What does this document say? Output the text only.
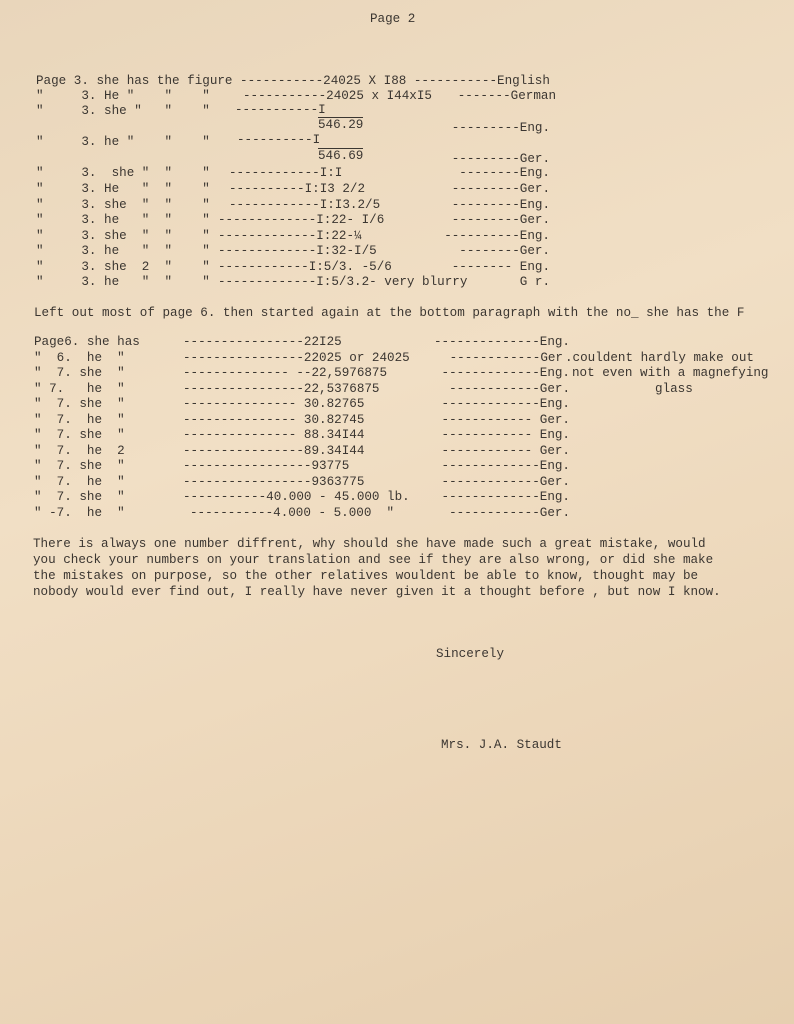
Page 2
Page 3. she has the figure -----------24025 X I88 -----------English
"     3. He "    "    "	-----------24025 x I44xI5 -------German
"     3. she "   "    " -----------I
546.29	---------Eng.
"     3. he "    "    " ----------I
546.69	---------Ger.
"     3.  she "  "    " ------------I:I	--------Eng.
"     3. He   "  "    " ----------I:I3 2/2	---------Ger.
"     3. she  "  "    " ------------I:I3.2/5	---------Eng.
"     3. he   "  "    " -------------I:22- I/6	---------Ger.
"     3. she  "  "    " -------------I:22-¼	----------Eng.
"     3. he   "  "    " -------------I:32-I/5	--------Ger.
"     3. she  2  "    " ------------I:5/3. -5/6	-------- Eng.
"     3. he   "  "    " -------------I:5/3.2- very blurry	G r.
Left out most of page 6. then started again at the bottom paragraph with the no_ she has the F
Page6. she has	----------------22I25	--------------Eng.
"  6.  he  "	----------------22025 or 24025	------------Ger
"  7. she  "	-------------- --22,5976875	-------------Eng.
" 7.   he  "	----------------22,5376875	------------Ger.
"  7. she  "	--------------- 30.82765	-------------Eng.
"  7.  he  "	--------------- 30.82745	------------ Ger.
"  7. she  "	--------------- 88.34I44	------------ Eng.
"  7.  he  2	----------------89.34I44	------------ Ger.
"  7. she  "	-----------------93775	-------------Eng.
"  7.  he  "	-----------------9363775	-------------Ger.
"  7. she  "	-----------40.000 - 45.000 lb.	-------------Eng.
" -7.  he  "	-----------4.000 - 5.000  "	------------Ger.
.couldent hardly make out
not even with a magnefying
glass
There is always one number diffrent, why should she have made such a great mistake, would
you check your numbers on your translation and see if they are also wrong, or did she make
the mistakes on purpose, so the other relatives wouldent be able to know, thought may be
nobody would ever find out, I really have never given it a thought before , but now I know.
Sincerely
Mrs. J.A. Staudt
